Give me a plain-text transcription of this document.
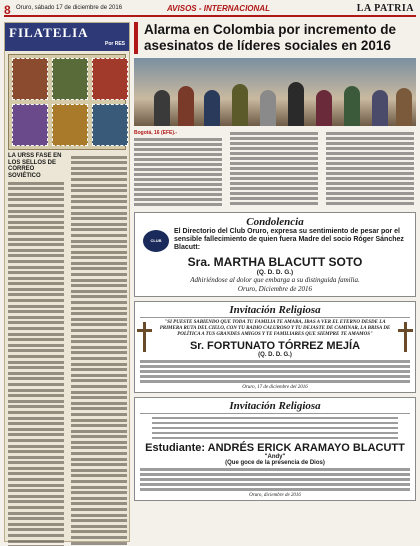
8 Oruro, sábado 17 de diciembre de 2016	AVISOS - INTERNACIONAL	LA PATRIA
FILATELIA
Por RES
LA URSS FASE EN LOS SELLOS DE CORREO SOVIÉTICO
Alarma en Colombia por incremento de asesinatos de líderes sociales en 2016
Bogotá, 16 (EFE).-
Condolencia
CLUB ORURO
El Directorio del Club Oruro, expresa su sentimiento de pesar por el sensible fallecimiento de quien fuera Madre del socio Róger Sánchez Blacutt:
Sra. MARTHA BLACUTT SOTO
(Q. D. D. G.)
Adhiriéndose al dolor que embarga a su distinguida familia.
Oruro, Diciembre de 2016
Invitación Religiosa
"SI PUESTE SABIENDO QUE TODA TU FAMILIA TE AMABA, IBAS A VER EL ETERNO DESDE LA PRIMERA RUTA DEL CIELO, CON TU RADIO CALUROSO Y TU DEJASTE DE CAMINAR, LA BRISA DE POLÍTICA A TUS GRANDES AMIGOS Y TE FAMILIARES QUE SIEMPRE TE AMAMOS"
Sr. FORTUNATO TÓRREZ MEJÍA
(Q. D. D. G.)
Oruro, 17 de diciembre del 2016
Invitación Religiosa
Estudiante: ANDRÉS ERICK ARAMAYO BLACUTT
"Andy"
(Que goce de la presencia de Dios)
Oruro, diciembre de 2016
